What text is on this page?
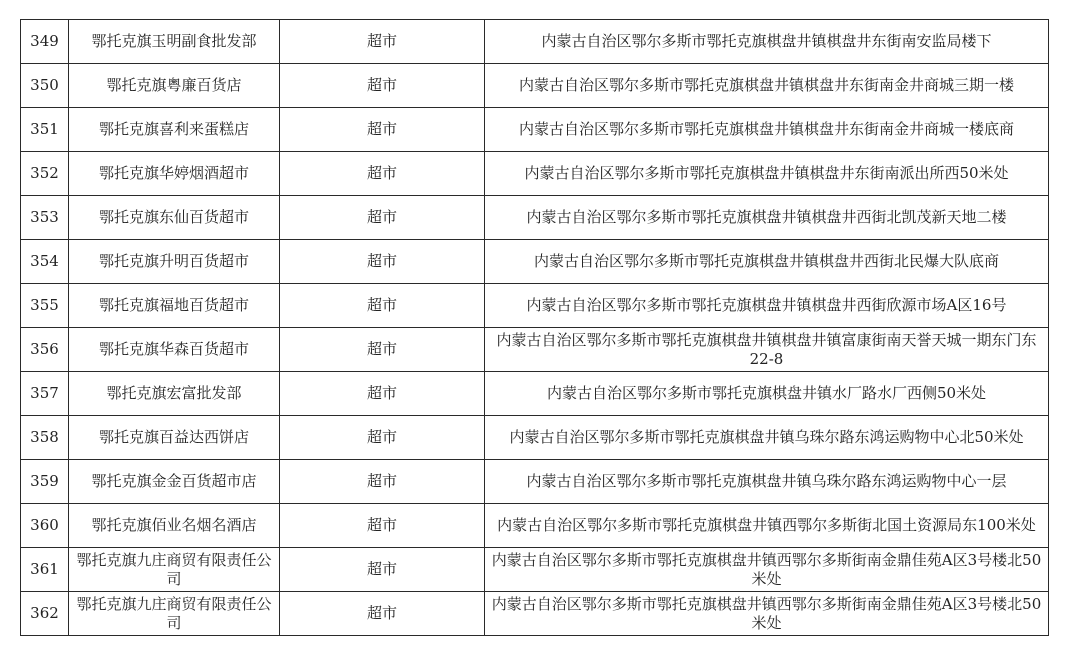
349	鄂托克旗玉明副食批发部	超市	内蒙古自治区鄂尔多斯市鄂托克旗棋盘井镇棋盘井东街南安监局楼下
350	鄂托克旗粤廉百货店	超市	内蒙古自治区鄂尔多斯市鄂托克旗棋盘井镇棋盘井东街南金井商城三期一楼
351	鄂托克旗喜利来蛋糕店	超市	内蒙古自治区鄂尔多斯市鄂托克旗棋盘井镇棋盘井东街南金井商城一楼底商
352	鄂托克旗华婷烟酒超市	超市	内蒙古自治区鄂尔多斯市鄂托克旗棋盘井镇棋盘井东街南派出所西50米处
353	鄂托克旗东仙百货超市	超市	内蒙古自治区鄂尔多斯市鄂托克旗棋盘井镇棋盘井西街北凯茂新天地二楼
354	鄂托克旗升明百货超市	超市	内蒙古自治区鄂尔多斯市鄂托克旗棋盘井镇棋盘井西街北民爆大队底商
355	鄂托克旗福地百货超市	超市	内蒙古自治区鄂尔多斯市鄂托克旗棋盘井镇棋盘井西街欣源市场A区16号
356	鄂托克旗华森百货超市	超市	内蒙古自治区鄂尔多斯市鄂托克旗棋盘井镇棋盘井镇富康街南天誉天城一期东门东22-8
357	鄂托克旗宏富批发部	超市	内蒙古自治区鄂尔多斯市鄂托克旗棋盘井镇水厂路水厂西侧50米处
358	鄂托克旗百益达西饼店	超市	内蒙古自治区鄂尔多斯市鄂托克旗棋盘井镇乌珠尔路东鸿运购物中心北50米处
359	鄂托克旗金金百货超市店	超市	内蒙古自治区鄂尔多斯市鄂托克旗棋盘井镇乌珠尔路东鸿运购物中心一层
360	鄂托克旗佰业名烟名酒店	超市	内蒙古自治区鄂尔多斯市鄂托克旗棋盘井镇西鄂尔多斯街北国土资源局东100米处
361	鄂托克旗九庄商贸有限责任公司	超市	内蒙古自治区鄂尔多斯市鄂托克旗棋盘井镇西鄂尔多斯街南金鼎佳苑A区3号楼北50米处
362	鄂托克旗九庄商贸有限责任公司	超市	内蒙古自治区鄂尔多斯市鄂托克旗棋盘井镇西鄂尔多斯街南金鼎佳苑A区3号楼北50米处
